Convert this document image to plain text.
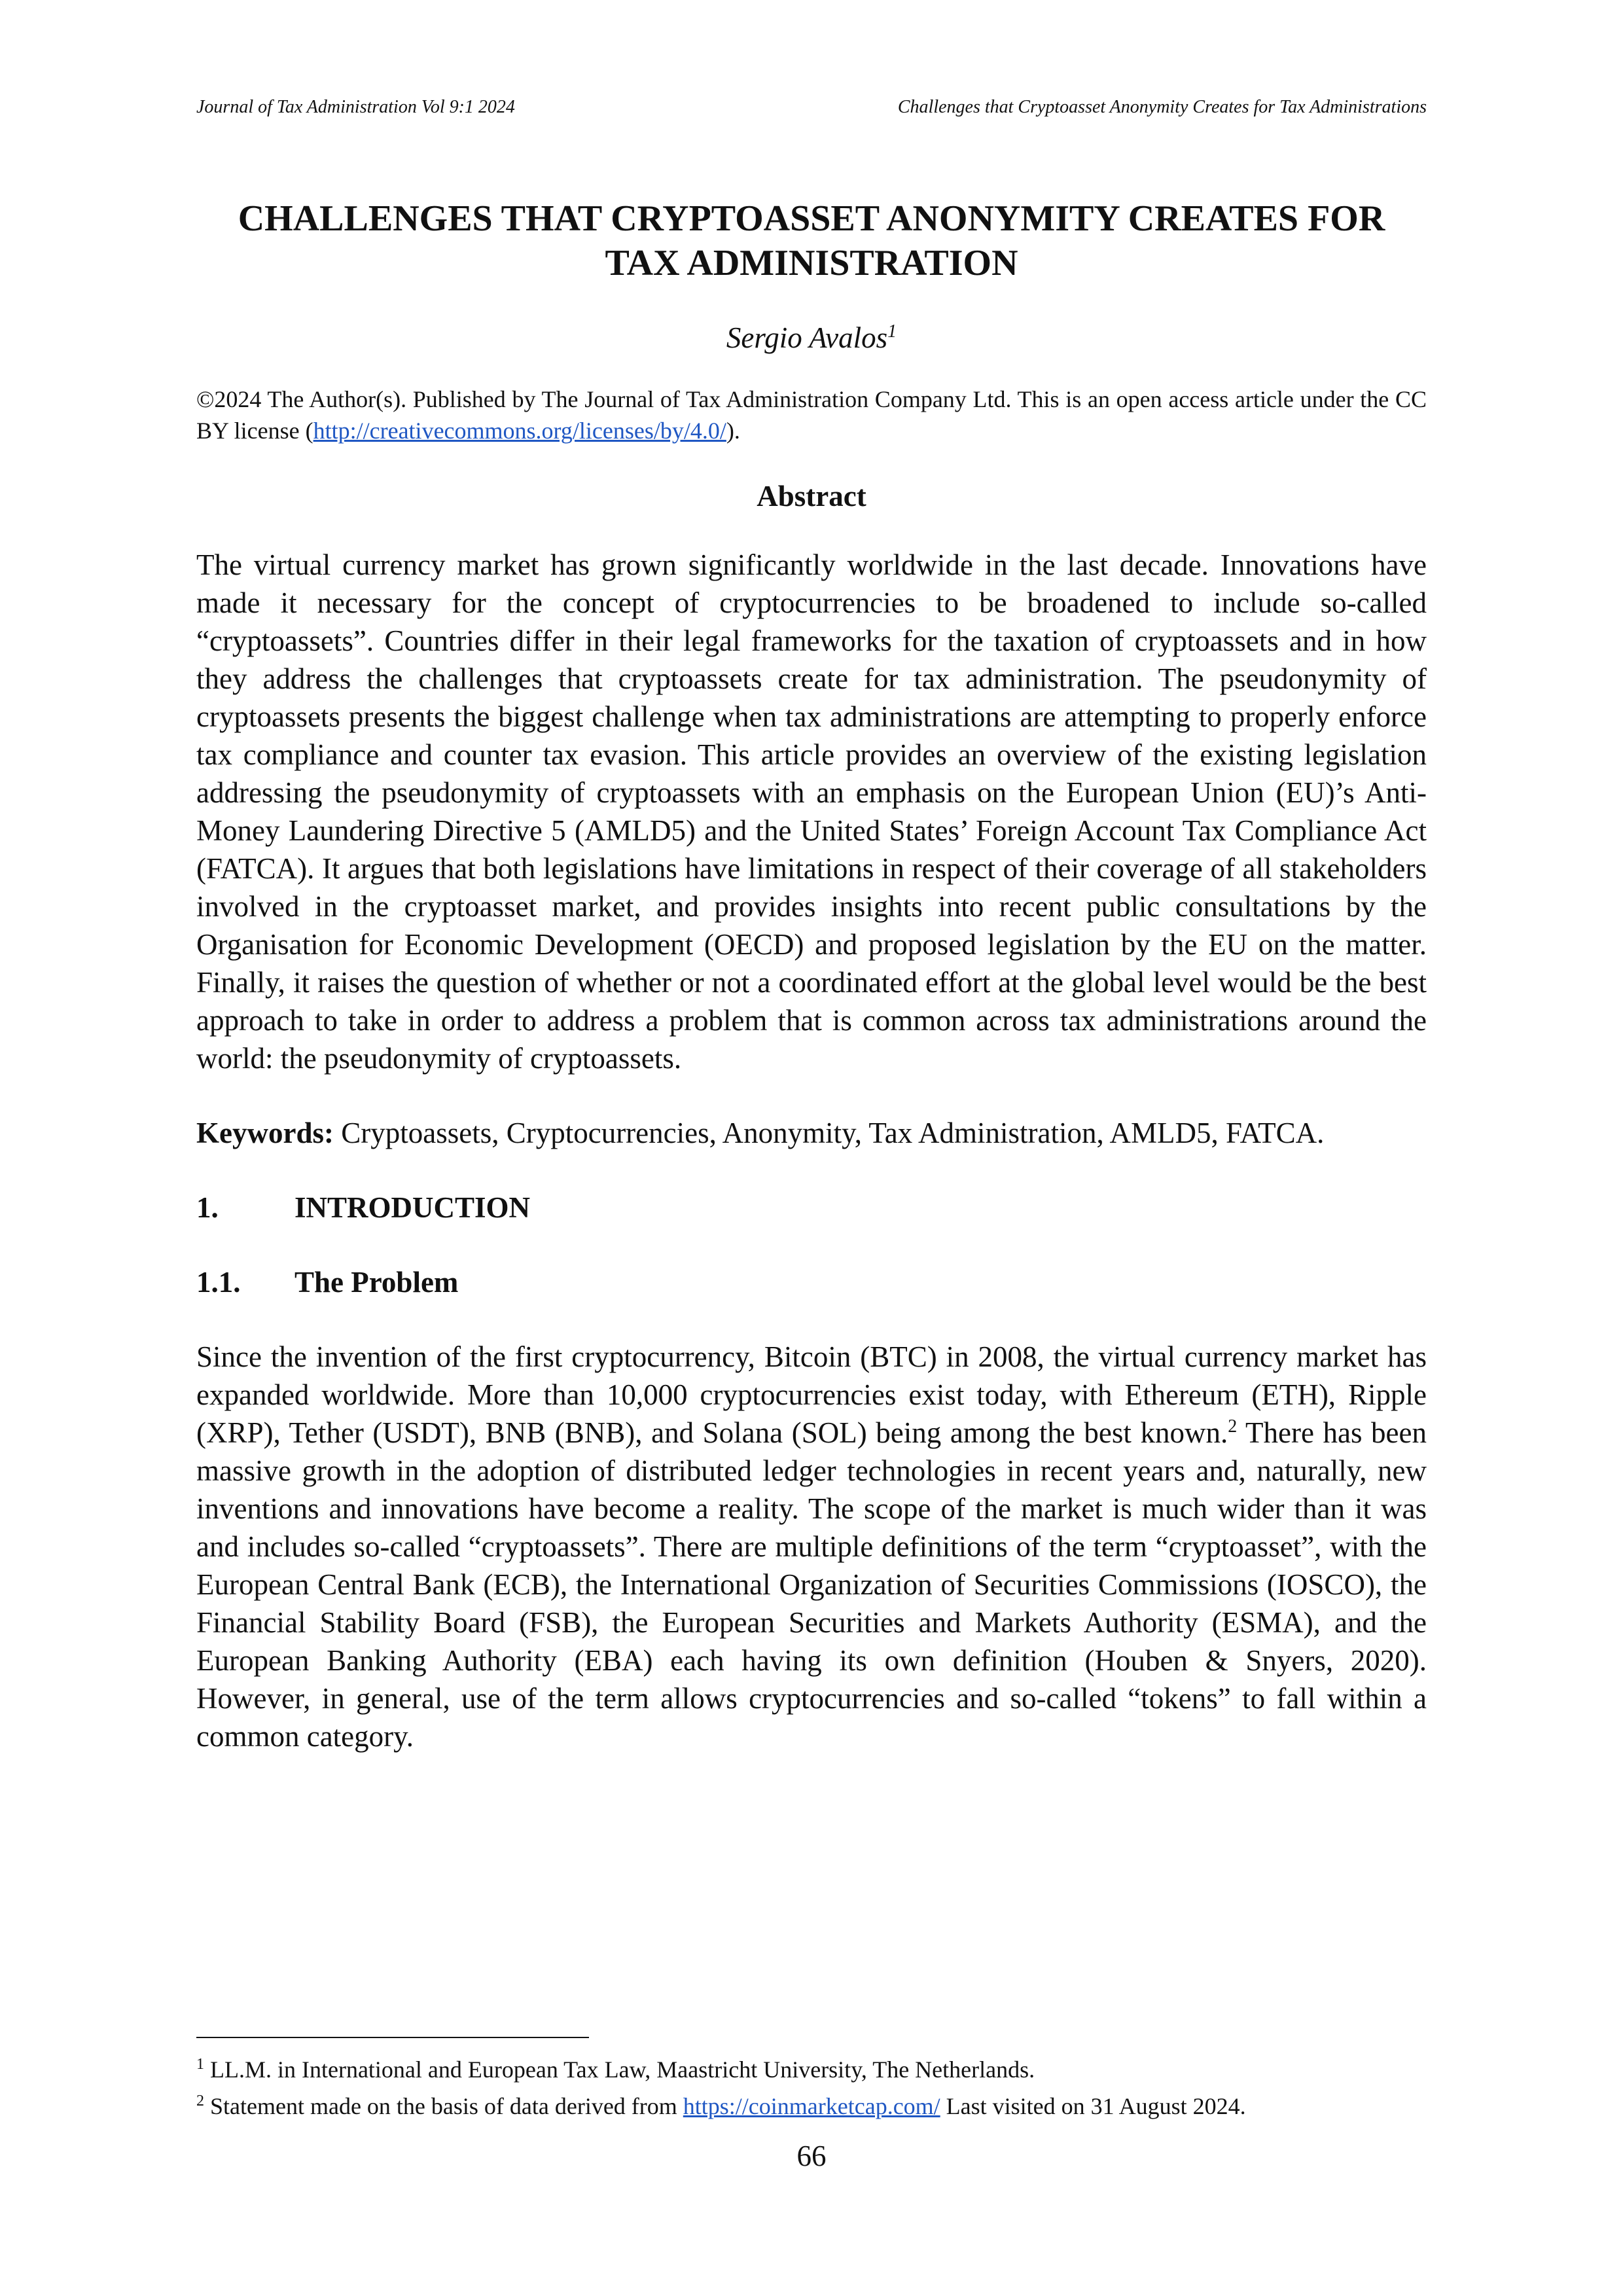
Journal of Tax Administration Vol 9:1 2024	Challenges that Cryptoasset Anonymity Creates for Tax Administrations
CHALLENGES THAT CRYPTOASSET ANONYMITY CREATES FOR
TAX ADMINISTRATION
Sergio Avalos$^1$

©2024 The Author(s). Published by The Journal of Tax Administration Company Ltd. This is an open access article under the CC BY license (http://creativecommons.org/licenses/by/4.0/).

Abstract

The virtual currency market has grown significantly worldwide in the last decade. Innovations have made it necessary for the concept of cryptocurrencies to be broadened to include so-called “cryptoassets”. Countries differ in their legal frameworks for the taxation of cryptoassets and in how they address the challenges that cryptoassets create for tax administration. The pseudonymity of cryptoassets presents the biggest challenge when tax administrations are attempting to properly enforce tax compliance and counter tax evasion. This article provides an overview of the existing legislation addressing the pseudonymity of cryptoassets with an emphasis on the European Union (EU)’s Anti-Money Laundering Directive 5 (AMLD5) and the United States’ Foreign Account Tax Compliance Act (FATCA). It argues that both legislations have limitations in respect of their coverage of all stakeholders involved in the cryptoasset market, and provides insights into recent public consultations by the Organisation for Economic Development (OECD) and proposed legislation by the EU on the matter. Finally, it raises the question of whether or not a coordinated effort at the global level would be the best approach to take in order to address a problem that is common across tax administrations around the world: the pseudonymity of cryptoassets.

Keywords: Cryptoassets, Cryptocurrencies, Anonymity, Tax Administration, AMLD5, FATCA.

1.	INTRODUCTION
1.1.	The Problem

Since the invention of the first cryptocurrency, Bitcoin (BTC) in 2008, the virtual currency market has expanded worldwide. More than 10,000 cryptocurrencies exist today, with Ethereum (ETH), Ripple (XRP), Tether (USDT), BNB (BNB), and Solana (SOL) being among the best known.$^2$ There has been massive growth in the adoption of distributed ledger technologies in recent years and, naturally, new inventions and innovations have become a reality. The scope of the market is much wider than it was and includes so-called “cryptoassets”. There are multiple definitions of the term “cryptoasset”, with the European Central Bank (ECB), the International Organization of Securities Commissions (IOSCO), the Financial Stability Board (FSB), the European Securities and Markets Authority (ESMA), and the European Banking Authority (EBA) each having its own definition (Houben & Snyers, 2020). However, in general, use of the term allows cryptocurrencies and so-called “tokens” to fall within a common category.

$^1$ LL.M. in International and European Tax Law, Maastricht University, The Netherlands.
$^2$ Statement made on the basis of data derived from https://coinmarketcap.com/ Last visited on 31 August 2024.
66
